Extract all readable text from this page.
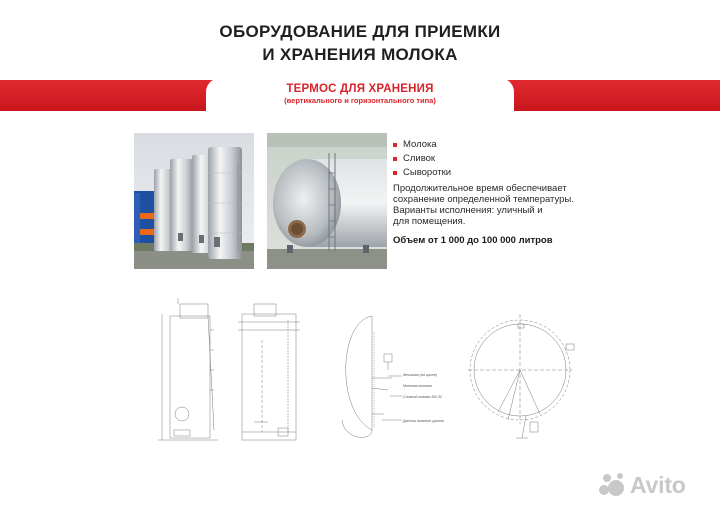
ОБОРУДОВАНИЕ ДЛЯ ПРИЕМКИ
И ХРАНЕНИЯ МОЛОКА
ТЕРМОС ДЛЯ ХРАНЕНИЯ
(вертикального и горизонтального типа)
Молока
Сливок
Сыворотки
Продолжительное время обеспечивает
сохранение определенной температуры.
Варианты исполнения: уличный и
для помещения.
Объем от 1 000 до 100 000 литров
Мешалка (на щите)
Моечная головка
Сливной кламан DN 32
Датчик нижнего уровня
Avito
